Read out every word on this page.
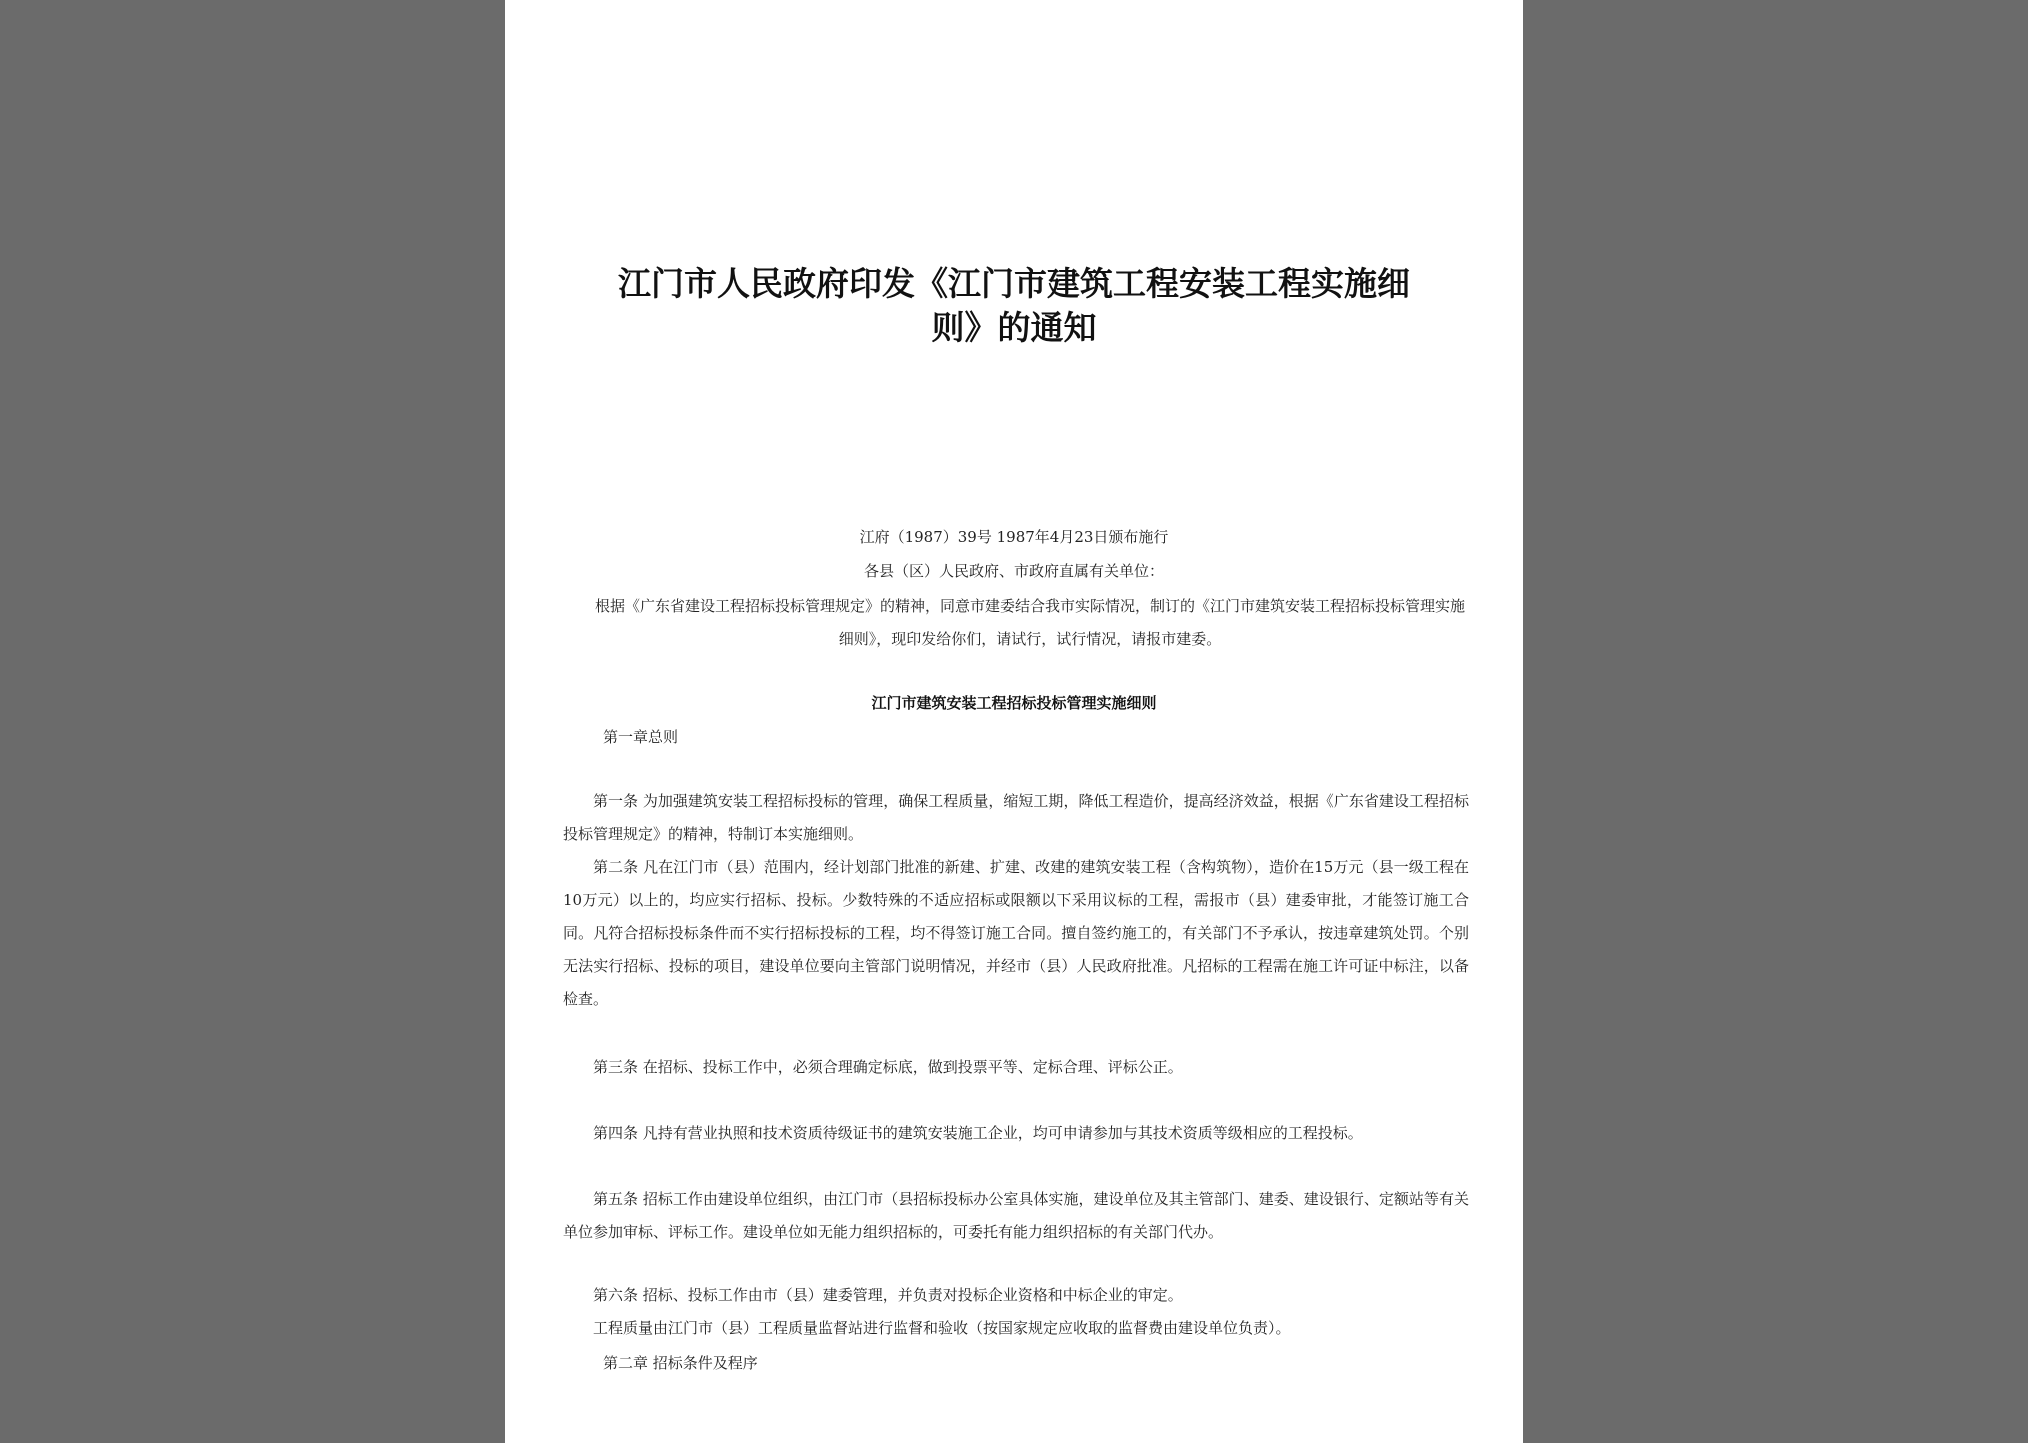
江门市人民政府印发《江门市建筑工程安装工程实施细
则》的通知
江府（1987）39号 1987年4月23日颁布施行
各县（区）人民政府、市政府直属有关单位：
根据《广东省建设工程招标投标管理规定》的精神，同意市建委结合我市实际情况，制订的《江门市建筑安装工程招标投标管理实施细则》，现印发给你们，请试行，试行情况，请报市建委。
江门市建筑安装工程招标投标管理实施细则
第一章总则
第一条 为加强建筑安装工程招标投标的管理，确保工程质量，缩短工期，降低工程造价，提高经济效益，根据《广东省建设工程招标投标管理规定》的精神，特制订本实施细则。
第二条 凡在江门市（县）范围内，经计划部门批准的新建、扩建、改建的建筑安装工程（含构筑物），造价在15万元（县一级工程在10万元）以上的，均应实行招标、投标。少数特殊的不适应招标或限额以下采用议标的工程，需报市（县）建委审批，才能签订施工合同。凡符合招标投标条件而不实行招标投标的工程，均不得签订施工合同。擅自签约施工的，有关部门不予承认，按违章建筑处罚。个别无法实行招标、投标的项目，建设单位要向主管部门说明情况，并经市（县）人民政府批准。凡招标的工程需在施工许可证中标注，以备检查。
第三条 在招标、投标工作中，必须合理确定标底，做到投票平等、定标合理、评标公正。
第四条 凡持有营业执照和技术资质待级证书的建筑安装施工企业，均可申请参加与其技术资质等级相应的工程投标。
第五条 招标工作由建设单位组织，由江门市（县招标投标办公室具体实施，建设单位及其主管部门、建委、建设银行、定额站等有关单位参加审标、评标工作。建设单位如无能力组织招标的，可委托有能力组织招标的有关部门代办。
第六条 招标、投标工作由市（县）建委管理，并负责对投标企业资格和中标企业的审定。
工程质量由江门市（县）工程质量监督站进行监督和验收（按国家规定应收取的监督费由建设单位负责）。
第二章 招标条件及程序
